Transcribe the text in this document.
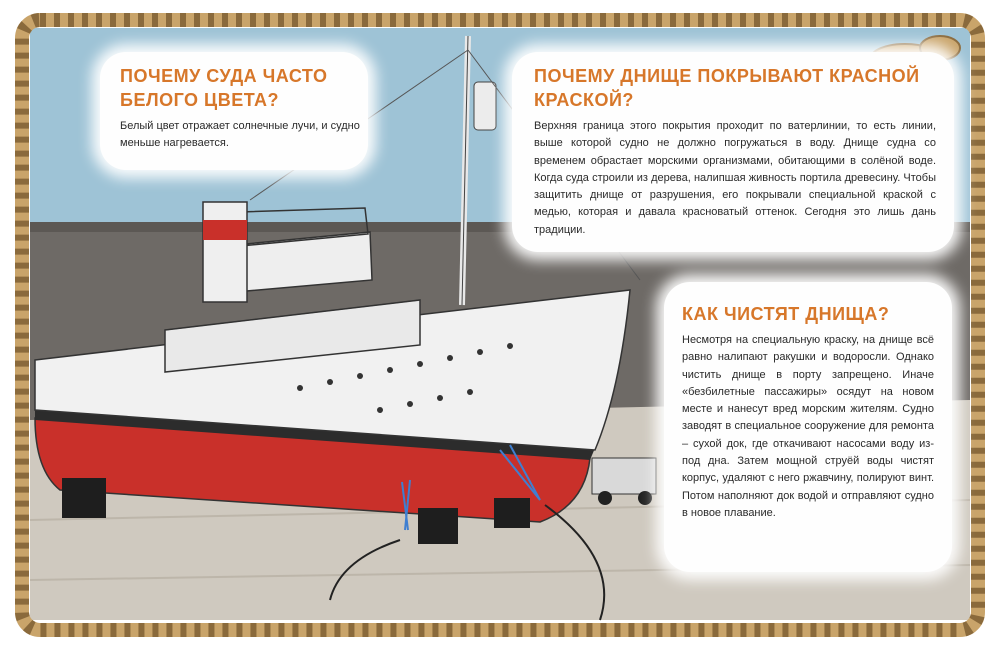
ПОЧЕМУ СУДА ЧАСТО БЕЛОГО ЦВЕТА?

Белый цвет отражает солнечные лучи, и судно меньше нагревается.

ПОЧЕМУ ДНИЩЕ ПОКРЫВАЮТ КРАСНОЙ КРАСКОЙ?

Верхняя граница этого покрытия проходит по ватерлинии, то есть линии, выше которой судно не должно погружаться в воду. Днище судна со временем обрастает морскими организмами, обитающими в солёной воде. Когда суда строили из дерева, налипшая живность портила древесину. Чтобы защитить днище от разрушения, его покрывали специальной краской с медью, которая и давала красноватый оттенок. Сегодня это лишь дань традиции.

КАК ЧИСТЯТ ДНИЩА?

Несмотря на специальную краску, на днище всё равно налипают ракушки и водоросли. Однако чистить днище в порту запрещено. Иначе «безбилетные пассажиры» осядут на новом месте и нанесут вред морским жителям. Судно заводят в специальное сооружение для ремонта – сухой док, где откачивают насосами воду из-под дна. Затем мощной струёй воды чистят корпус, удаляют с него ржавчину, полируют винт. Потом наполняют док водой и отправляют судно в новое плавание.
